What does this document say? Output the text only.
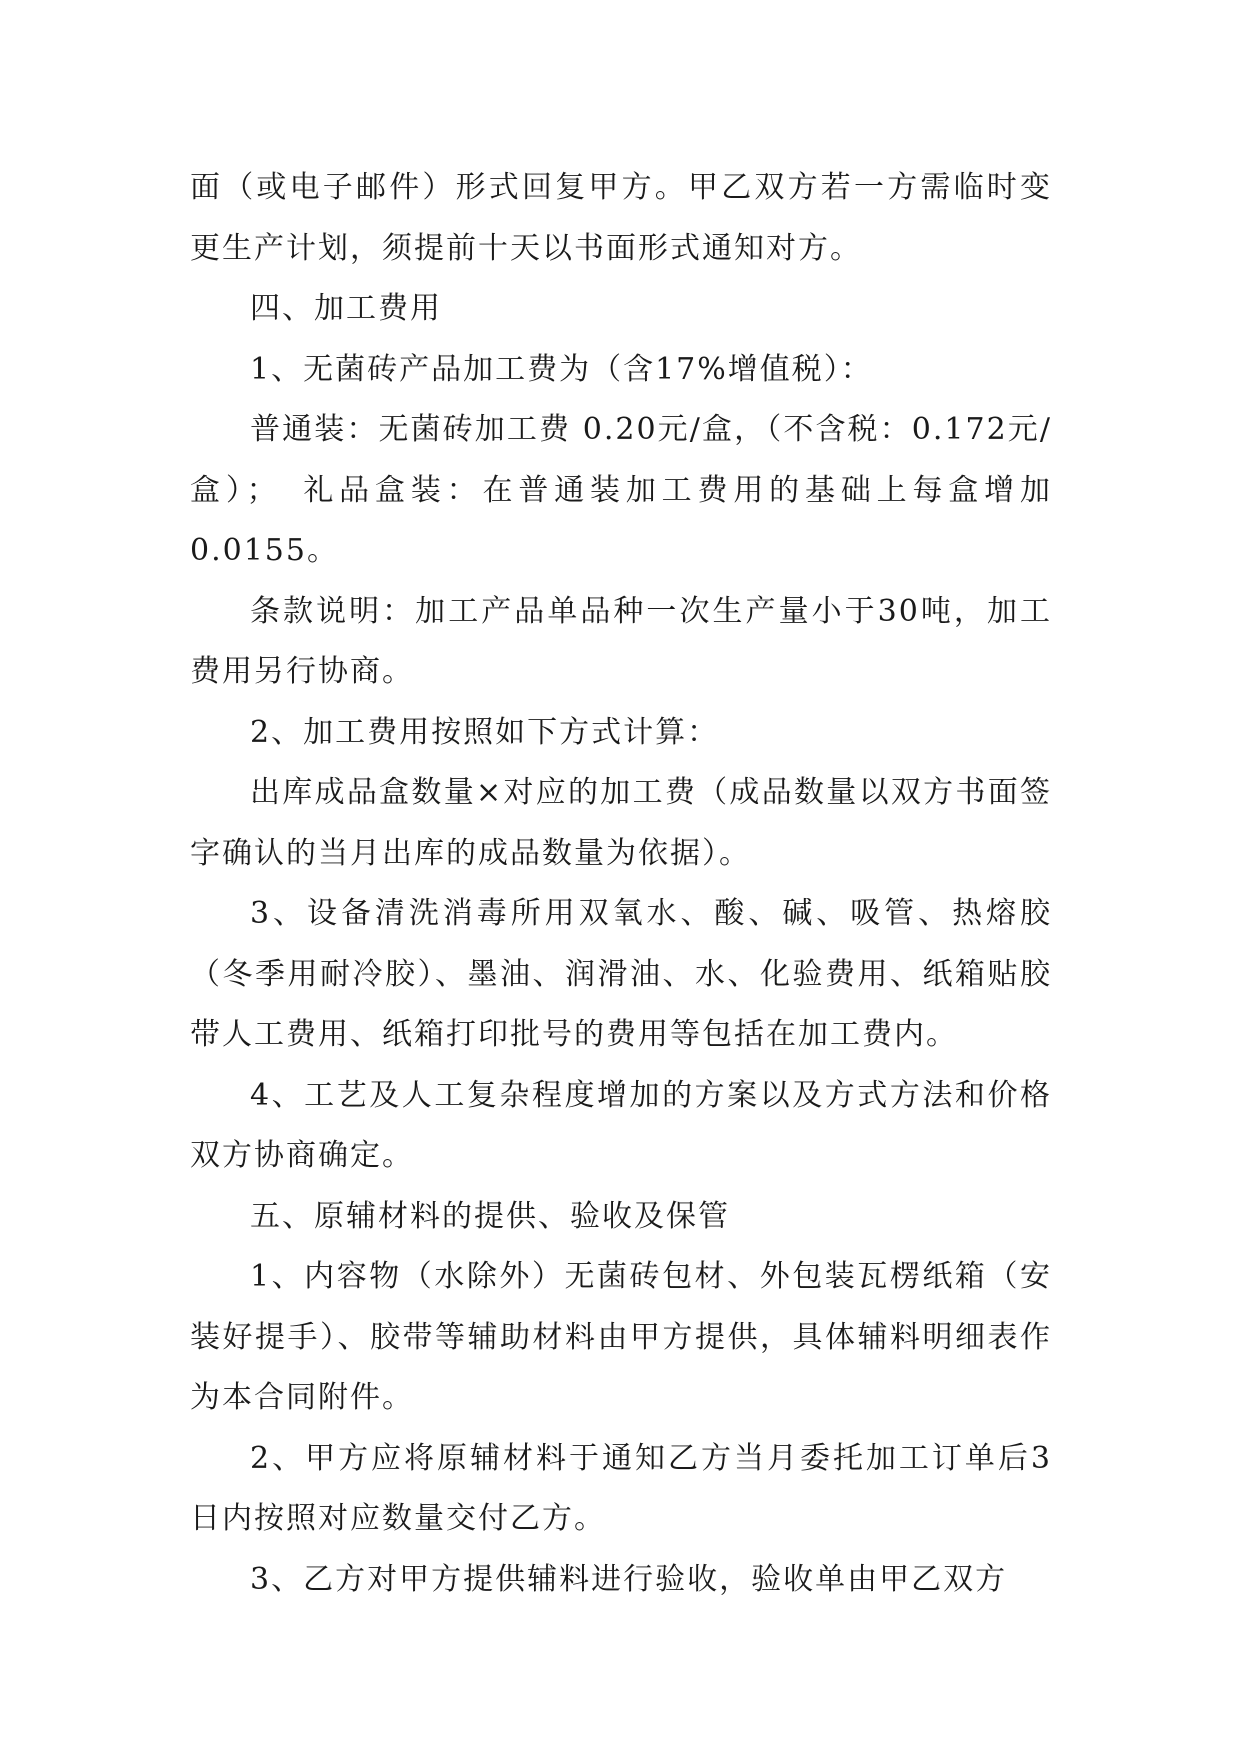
面（或电子邮件）形式回复甲方。甲乙双方若一方需临时变更生产计划，须提前十天以书面形式通知对方。

四、加工费用

1、无菌砖产品加工费为（含17%增值税）：

普通装：无菌砖加工费 0.20元/盒，（不含税：0.172元/盒）；　礼品盒装：在普通装加工费用的基础上每盒增加0.0155。

条款说明：加工产品单品种一次生产量小于30吨，加工费用另行协商。

2、加工费用按照如下方式计算：

出库成品盒数量×对应的加工费（成品数量以双方书面签字确认的当月出库的成品数量为依据）。

3、设备清洗消毒所用双氧水、酸、碱、吸管、热熔胶（冬季用耐冷胶）、墨油、润滑油、水、化验费用、纸箱贴胶带人工费用、纸箱打印批号的费用等包括在加工费内。

4、工艺及人工复杂程度增加的方案以及方式方法和价格双方协商确定。

五、原辅材料的提供、验收及保管

1、内容物（水除外）无菌砖包材、外包装瓦楞纸箱（安装好提手）、胶带等辅助材料由甲方提供，具体辅料明细表作为本合同附件。

2、甲方应将原辅材料于通知乙方当月委托加工订单后3日内按照对应数量交付乙方。

3、乙方对甲方提供辅料进行验收，验收单由甲乙双方
